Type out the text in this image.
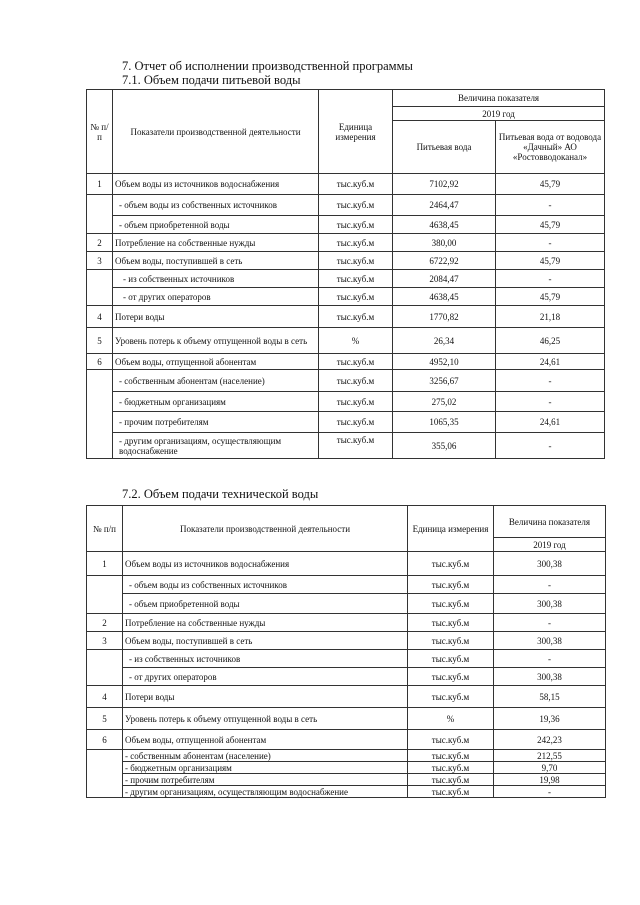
7. Отчет об исполнении производственной программы
7.1. Объем подачи питьевой воды
№ п/п	Показатели производственной деятельности	Единица измерения	Величина показателя	
			2019 год	
			Питьевая вода	Питьевая вода от водовода «Дачный» АО «Ростовводоканал»
1	Объем воды из источников водоснабжения	тыс.куб.м	7102,92	45,79
	- объем воды из собственных источников	тыс.куб.м	2464,47	-
	- объем приобретенной воды	тыс.куб.м	4638,45	45,79
2	Потребление на собственные нужды	тыс.куб.м	380,00	-
3	Объем воды, поступившей в сеть	тыс.куб.м	6722,92	45,79
	- из собственных источников	тыс.куб.м	2084,47	-
	- от других операторов	тыс.куб.м	4638,45	45,79
4	Потери воды	тыс.куб.м	1770,82	21,18
5	Уровень потерь к объему отпущенной воды в сеть	%	26,34	46,25
6	Объем воды, отпущенной абонентам	тыс.куб.м	4952,10	24,61
	- собственным абонентам (население)	тыс.куб.м	3256,67	-
	- бюджетным организациям	тыс.куб.м	275,02	-
	- прочим потребителям	тыс.куб.м	1065,35	24,61
	- другим организациям, осуществляющим водоснабжение	тыс.куб.м	355,06	-
7.2. Объем подачи технической воды
№ п/п	Показатели производственной деятельности	Единица измерения	Величина показателя
			2019 год
1	Объем воды из источников водоснабжения	тыс.куб.м	300,38
	- объем воды из собственных источников	тыс.куб.м	-
	- объем приобретенной воды	тыс.куб.м	300,38
2	Потребление на собственные нужды	тыс.куб.м	-
3	Объем воды, поступившей в сеть	тыс.куб.м	300,38
	- из собственных источников	тыс.куб.м	-
	- от других операторов	тыс.куб.м	300,38
4	Потери воды	тыс.куб.м	58,15
5	Уровень потерь к объему отпущенной воды в сеть	%	19,36
6	Объем воды, отпущенной абонентам	тыс.куб.м	242,23
	- собственным абонентам (население)	тыс.куб.м	212,55
	- бюджетным организациям	тыс.куб.м	9,70
	- прочим потребителям	тыс.куб.м	19,98
	- другим организациям, осуществляющим водоснабжение	тыс.куб.м	-
